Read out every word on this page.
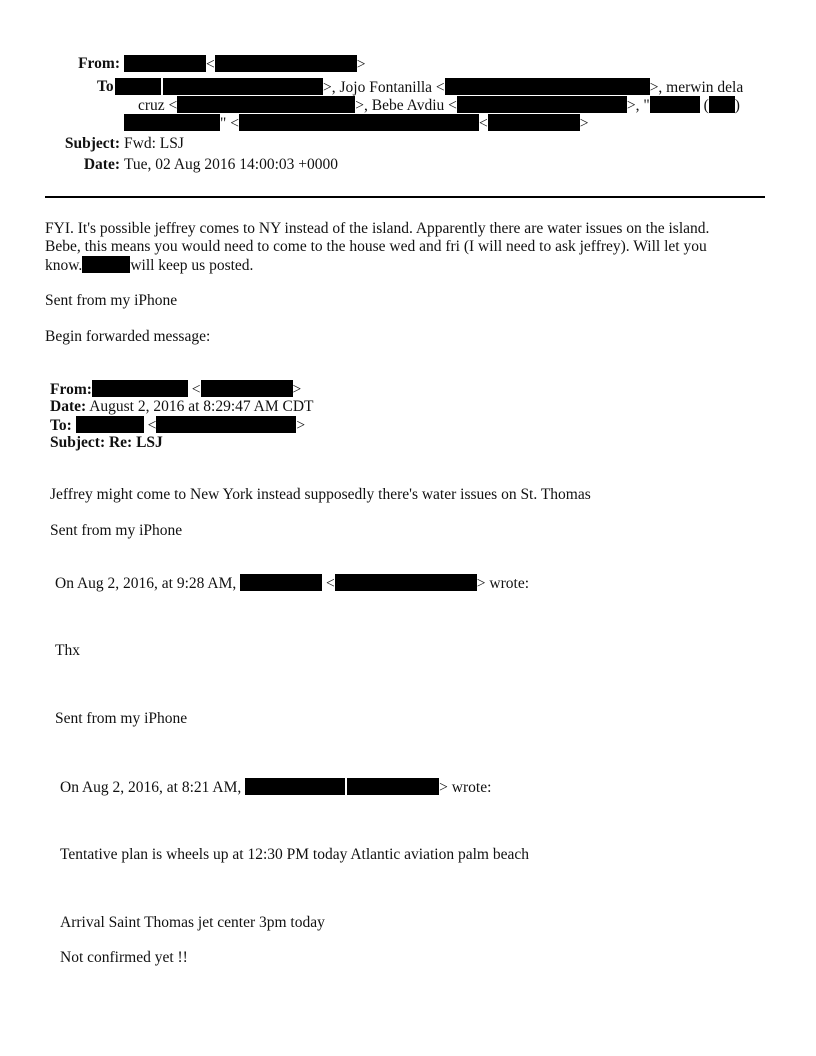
From:	<	>
To	>, Jojo Fontanilla <	>, merwin dela
cruz <	>, Bebe Avdiu <	>, "	( )
" <	<	>
Subject: Fwd: LSJ
Date: Tue, 02 Aug 2016 14:00:03 +0000
FYI. It's possible jeffrey comes to NY instead of the island. Apparently there are water issues on the island.
Bebe, this means you would need to come to the house wed and fri (I will need to ask jeffrey). Will let you
know.	will keep us posted.
Sent from my iPhone
Begin forwarded message:
From:	<	>
Date: August 2, 2016 at 8:29:47 AM CDT
To:	<	>
Subject: Re: LSJ
Jeffrey might come to New York instead supposedly there's water issues on St. Thomas
Sent from my iPhone
On Aug 2, 2016, at 9:28 AM,	<	> wrote:
Thx
Sent from my iPhone
On Aug 2, 2016, at 8:21 AM,	> wrote:
Tentative plan is wheels up at 12:30 PM today Atlantic aviation palm beach
Arrival Saint Thomas jet center 3pm today
Not confirmed yet !!
